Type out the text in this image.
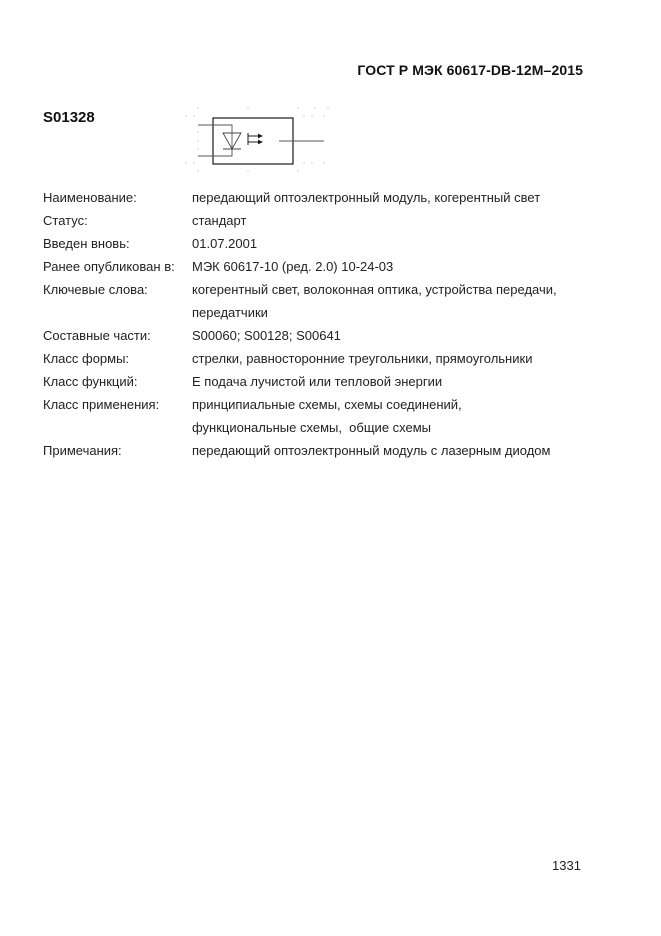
ГОСТ Р МЭК 60617-DB-12M–2015
S01328
Наименование:	передающий оптоэлектронный модуль, когерентный свет
Статус:	стандарт
Введен вновь:	01.07.2001
Ранее опубликован в:	МЭК 60617-10 (ред. 2.0) 10-24-03
Ключевые слова:	когерентный свет, волоконная оптика, устройства передачи,
передатчики
Составные части:	S00060; S00128; S00641
Класс формы:	стрелки, равносторонние треугольники, прямоугольники
Класс функций:	Е подача лучистой или тепловой энергии
Класс применения:	принципиальные схемы, схемы соединений,
функциональные схемы,  общие схемы
Примечания:	передающий оптоэлектронный модуль с лазерным диодом
1331
